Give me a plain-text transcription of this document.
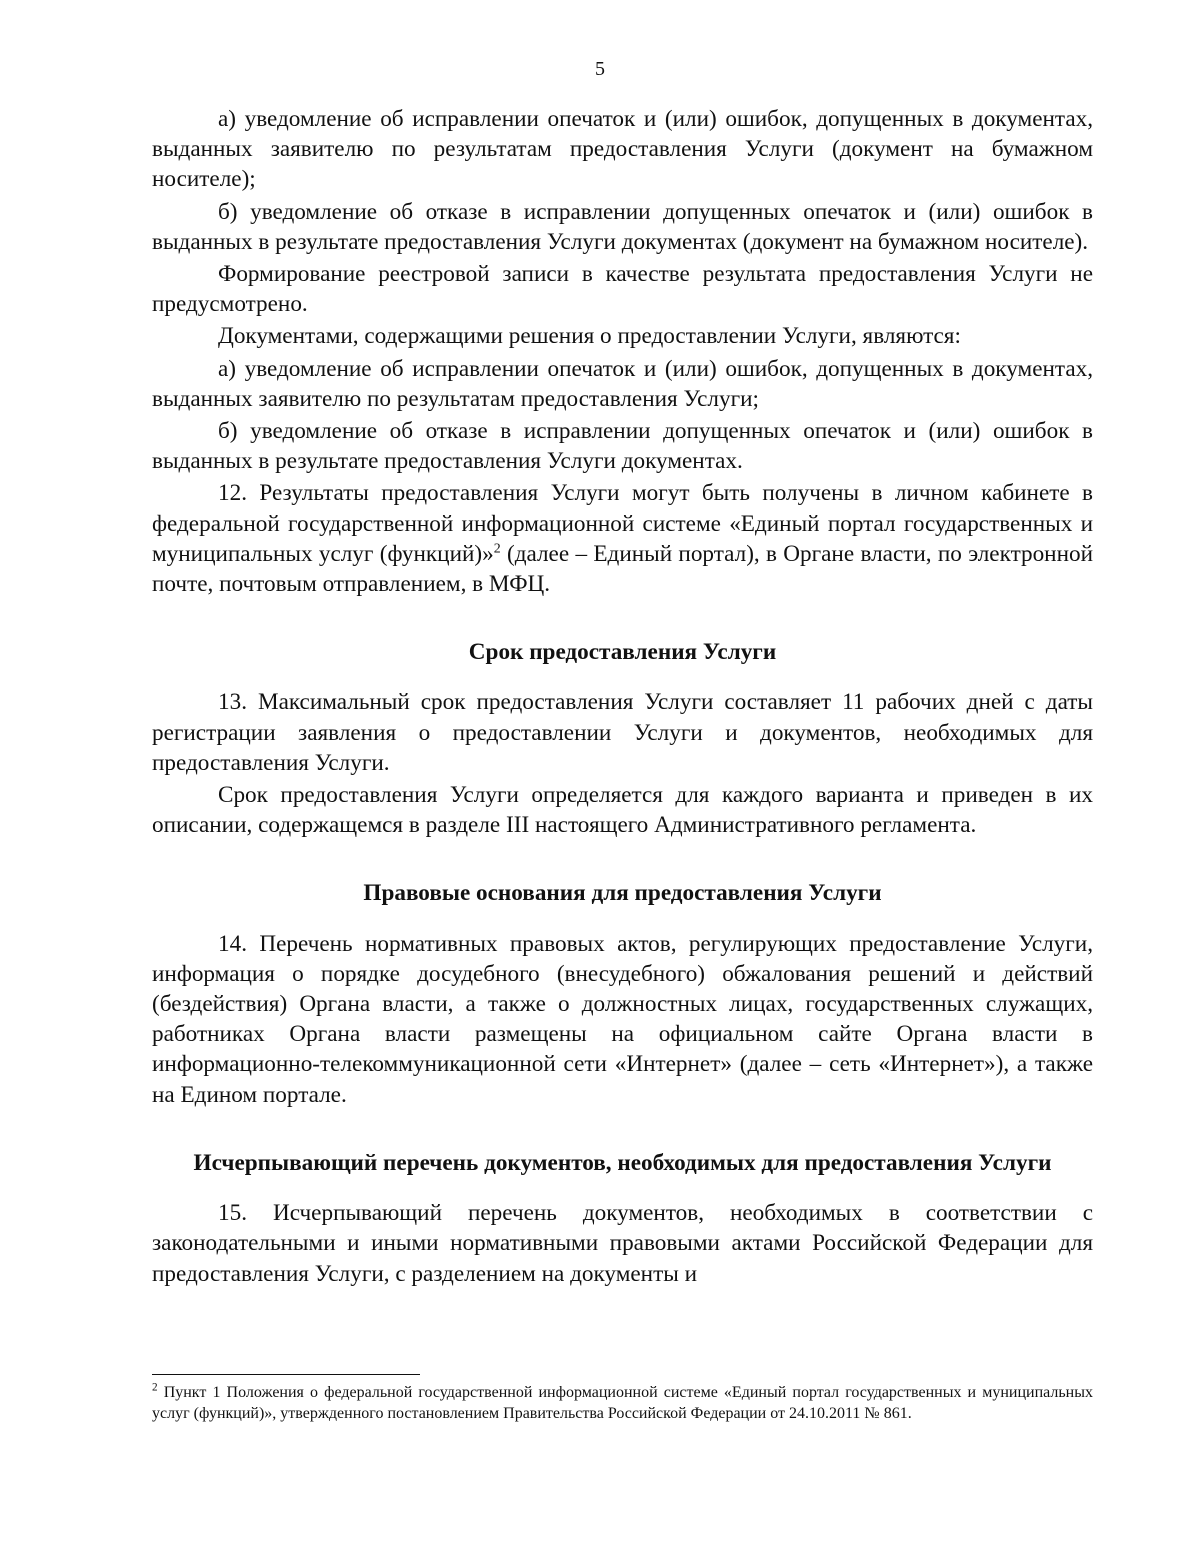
5

а) уведомление об исправлении опечаток и (или) ошибок, допущенных в документах, выданных заявителю по результатам предоставления Услуги (документ на бумажном носителе);

б) уведомление об отказе в исправлении допущенных опечаток и (или) ошибок в выданных в результате предоставления Услуги документах (документ на бумажном носителе).

Формирование реестровой записи в качестве результата предоставления Услуги не предусмотрено.

Документами, содержащими решения о предоставлении Услуги, являются:

а) уведомление об исправлении опечаток и (или) ошибок, допущенных в документах, выданных заявителю по результатам предоставления Услуги;

б) уведомление об отказе в исправлении допущенных опечаток и (или) ошибок в выданных в результате предоставления Услуги документах.

12. Результаты предоставления Услуги могут быть получены в личном кабинете в федеральной государственной информационной системе «Единый портал государственных и муниципальных услуг (функций)»$^2$ (далее – Единый портал), в Органе власти, по электронной почте, почтовым отправлением, в МФЦ.

Срок предоставления Услуги

13. Максимальный срок предоставления Услуги составляет 11 рабочих дней с даты регистрации заявления о предоставлении Услуги и документов, необходимых для предоставления Услуги.

Срок предоставления Услуги определяется для каждого варианта и приведен в их описании, содержащемся в разделе III настоящего Административного регламента.

Правовые основания для предоставления Услуги

14. Перечень нормативных правовых актов, регулирующих предоставление Услуги, информация о порядке досудебного (внесудебного) обжалования решений и действий (бездействия) Органа власти, а также о должностных лицах, государственных служащих, работниках Органа власти размещены на официальном сайте Органа власти в информационно-телекоммуникационной сети «Интернет» (далее – сеть «Интернет»), а также на Едином портале.

Исчерпывающий перечень документов, необходимых для предоставления Услуги

15. Исчерпывающий перечень документов, необходимых в соответствии с законодательными и иными нормативными правовыми актами Российской Федерации для предоставления Услуги, с разделением на документы и

$^2$ Пункт 1 Положения о федеральной государственной информационной системе «Единый портал государственных и муниципальных услуг (функций)», утвержденного постановлением Правительства Российской Федерации от 24.10.2011 № 861.
